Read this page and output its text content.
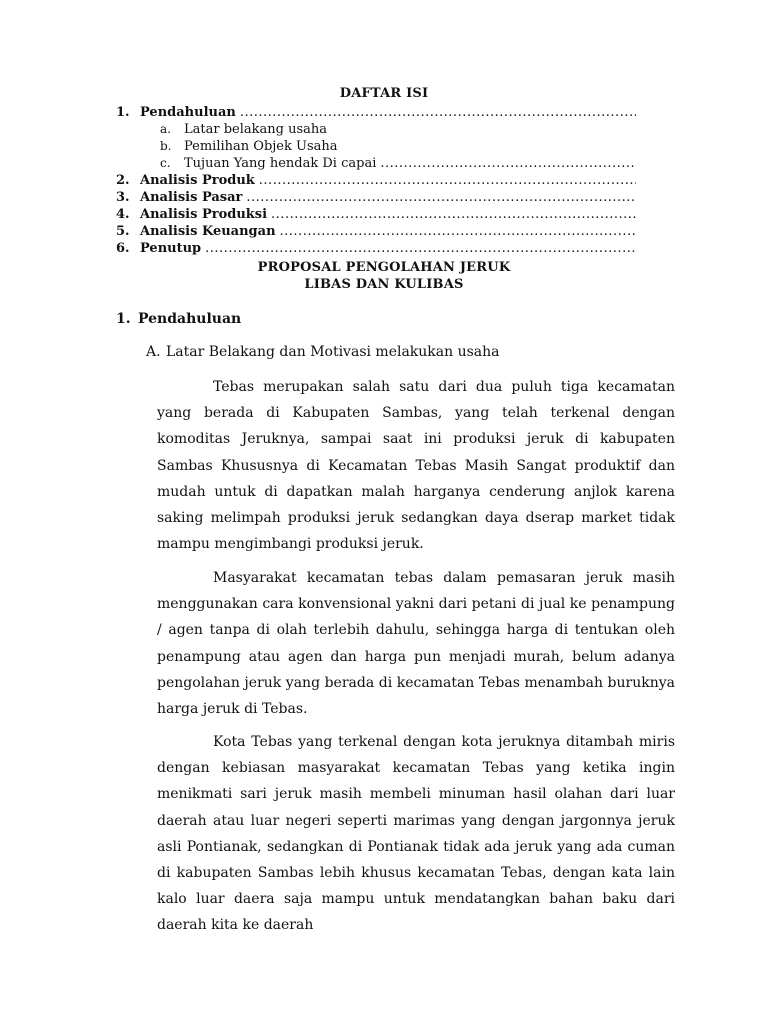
DAFTAR ISI
1. Pendahuluan
.....
a.	Latar belakang usaha
b. Pemilihan Objek Usaha
c.	Tujuan Yang hendak Di capai
.....
2. Analisis Produk
.....
3. Analisis Pasar
.....
4. Analisis Produksi
.....
5. Analisis Keuangan
.....
6. Penutup
.....
PROPOSAL PENGOLAHAN JERUK
LIBAS DAN KULIBAS
1. Pendahuluan
A. Latar Belakang dan Motivasi melakukan usaha

Tebas merupakan salah satu dari dua puluh tiga kecamatan yang berada di Kabupaten Sambas, yang telah terkenal dengan komoditas Jeruknya, sampai saat ini produksi jeruk di kabupaten Sambas Khususnya di Kecamatan Tebas Masih Sangat produktif dan mudah untuk di dapatkan malah harganya cenderung anjlok karena saking melimpah produksi jeruk sedangkan daya dserap market tidak mampu mengimbangi produksi jeruk.

Masyarakat kecamatan tebas dalam pemasaran jeruk masih menggunakan cara konvensional yakni dari petani di jual ke penampung / agen tanpa di olah terlebih dahulu, sehingga harga di tentukan oleh penampung atau agen dan harga pun menjadi murah, belum adanya pengolahan jeruk yang berada di kecamatan Tebas menambah buruknya harga jeruk di Tebas.

Kota Tebas yang terkenal dengan kota jeruknya ditambah miris dengan kebiasan masyarakat kecamatan Tebas yang ketika ingin menikmati sari jeruk masih membeli minuman hasil olahan dari luar daerah atau luar negeri seperti marimas yang dengan jargonnya jeruk asli Pontianak, sedangkan di Pontianak tidak ada jeruk yang ada cuman di kabupaten Sambas lebih khusus kecamatan Tebas, dengan kata lain kalo luar daera saja mampu untuk mendatangkan bahan baku dari daerah kita ke daerah
